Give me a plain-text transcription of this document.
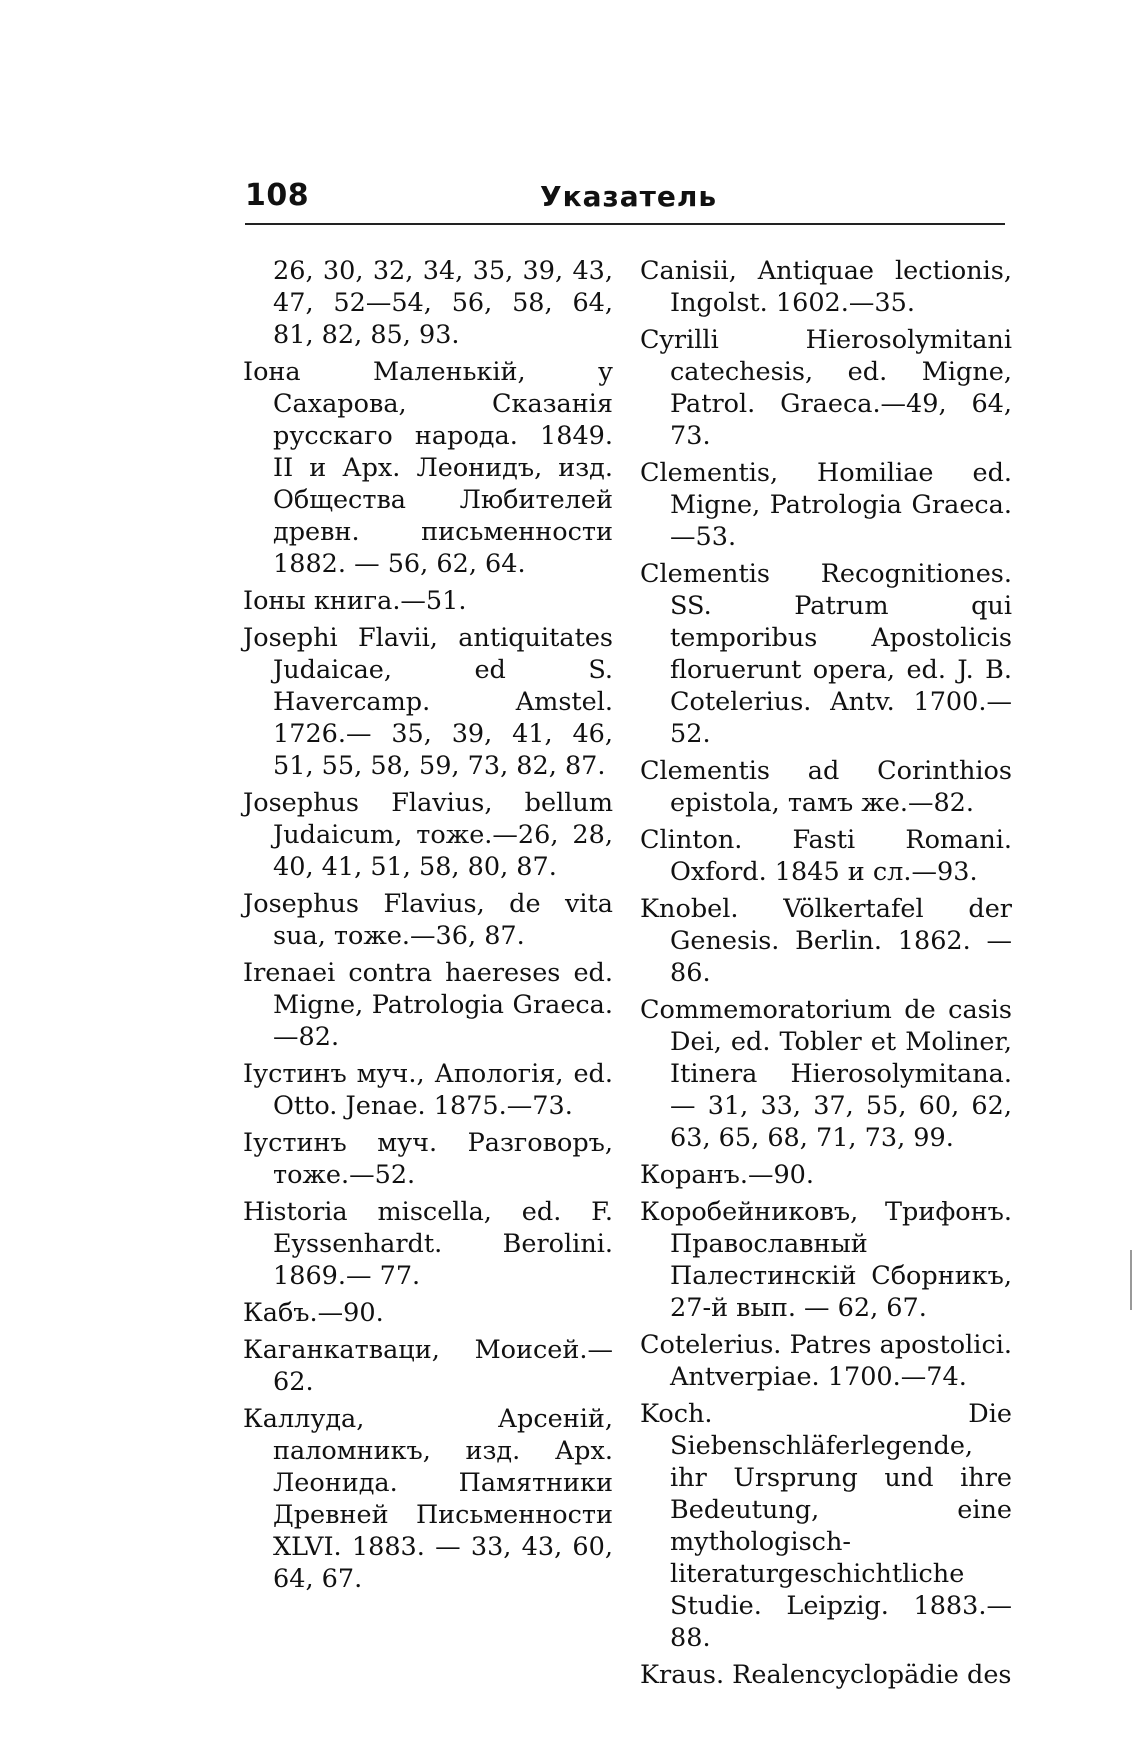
108	Указатель

26, 30, 32, 34, 35, 39, 43, 47, 52—54, 56, 58, 64, 81, 82, 85, 93.

Іона Маленькій, у Сахарова, Сказанія русскаго народа. 1849. II и Арх. Леонидъ, изд. Общества Любителей древн. письменности 1882. — 56, 62, 64.

Іоны книга.—51.

Josephi Flavii, antiquitates Judaicae, ed S. Havercamp. Amstel. 1726.— 35, 39, 41, 46, 51, 55, 58, 59, 73, 82, 87.

Josephus Flavius, bellum Judaicum, тоже.—26, 28, 40, 41, 51, 58, 80, 87.

Josephus Flavius, de vita sua, тоже.—36, 87.

Irenaei contra haereses ed. Migne, Patrologia Graeca. —82.

Іустинъ муч., Апологія, ed. Otto. Jenae. 1875.—73.

Іустинъ муч. Разговоръ, тоже.—52.

Historia miscella, ed. F. Eyssenhardt. Berolini. 1869.— 77.

Кабъ.—90.

Каганкатваци, Моисей.—62.

Каллуда, Арсеній, паломникъ, изд. Арх. Леонида. Памятники Древней Письменности XLVI. 1883. — 33, 43, 60, 64, 67.

Canisii, Antiquae lectionis, Ingolst. 1602.—35.

Cyrilli Hierosolymitani catechesis, ed. Migne, Patrol. Graeca.—49, 64, 73.

Clementis, Homiliae ed. Migne, Patrologia Graeca.—53.

Clementis Recognitiones. SS. Patrum qui temporibus Apostolicis floruerunt opera, ed. J. B. Cotelerius. Antv. 1700.—52.

Clementis ad Corinthios epistola, тамъ же.—82.

Clinton. Fasti Romani. Oxford. 1845 и сл.—93.

Knobel. Völkertafel der Genesis. Berlin. 1862. — 86.

Commemoratorium de casis Dei, ed. Tobler et Moliner, Itinera Hierosolymitana.— 31, 33, 37, 55, 60, 62, 63, 65, 68, 71, 73, 99.

Коранъ.—90.

Коробейниковъ, Трифонъ. Православный Палестинскій Сборникъ, 27-й вып. — 62, 67.

Cotelerius. Patres apostolici. Antverpiae. 1700.—74.

Koch. Die Siebenschläferlegende, ihr Ursprung und ihre Bedeutung, eine mythologisch- literaturgeschichtliche Studie. Leipzig. 1883.—88.

Kraus. Realencyclopädie des
